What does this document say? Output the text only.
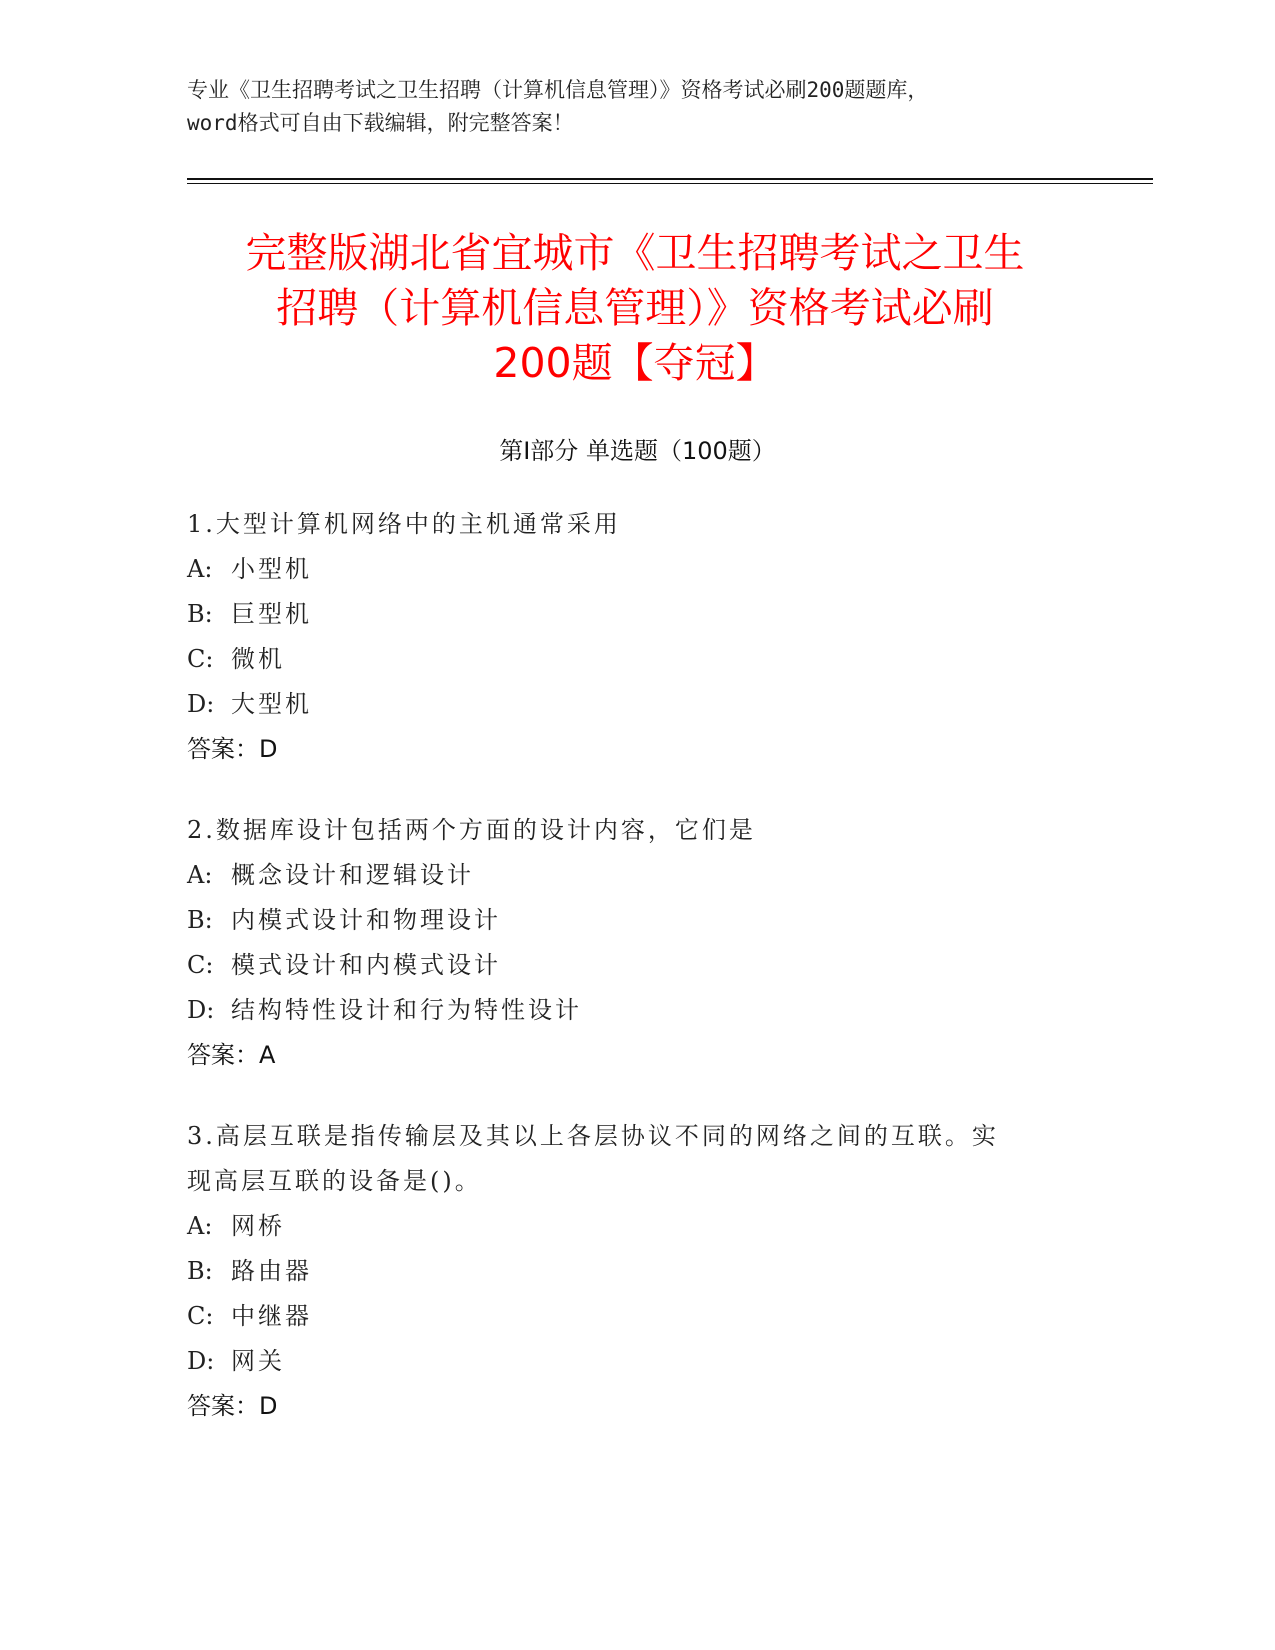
专业《卫生招聘考试之卫生招聘（计算机信息管理）》资格考试必刷200题题库，
word格式可自由下载编辑，附完整答案！
完整版湖北省宜城市《卫生招聘考试之卫生
招聘（计算机信息管理）》资格考试必刷
200题【夺冠】
第Ⅰ部分 单选题（100题）

1.大型计算机网络中的主机通常采用

A: 小型机

B: 巨型机

C: 微机

D: 大型机

答案：D

2.数据库设计包括两个方面的设计内容，它们是

A: 概念设计和逻辑设计

B: 内模式设计和物理设计

C: 模式设计和内模式设计

D: 结构特性设计和行为特性设计

答案：A

3.高层互联是指传输层及其以上各层协议不同的网络之间的互联。实

现高层互联的设备是()。

A: 网桥

B: 路由器

C: 中继器

D: 网关

答案：D
